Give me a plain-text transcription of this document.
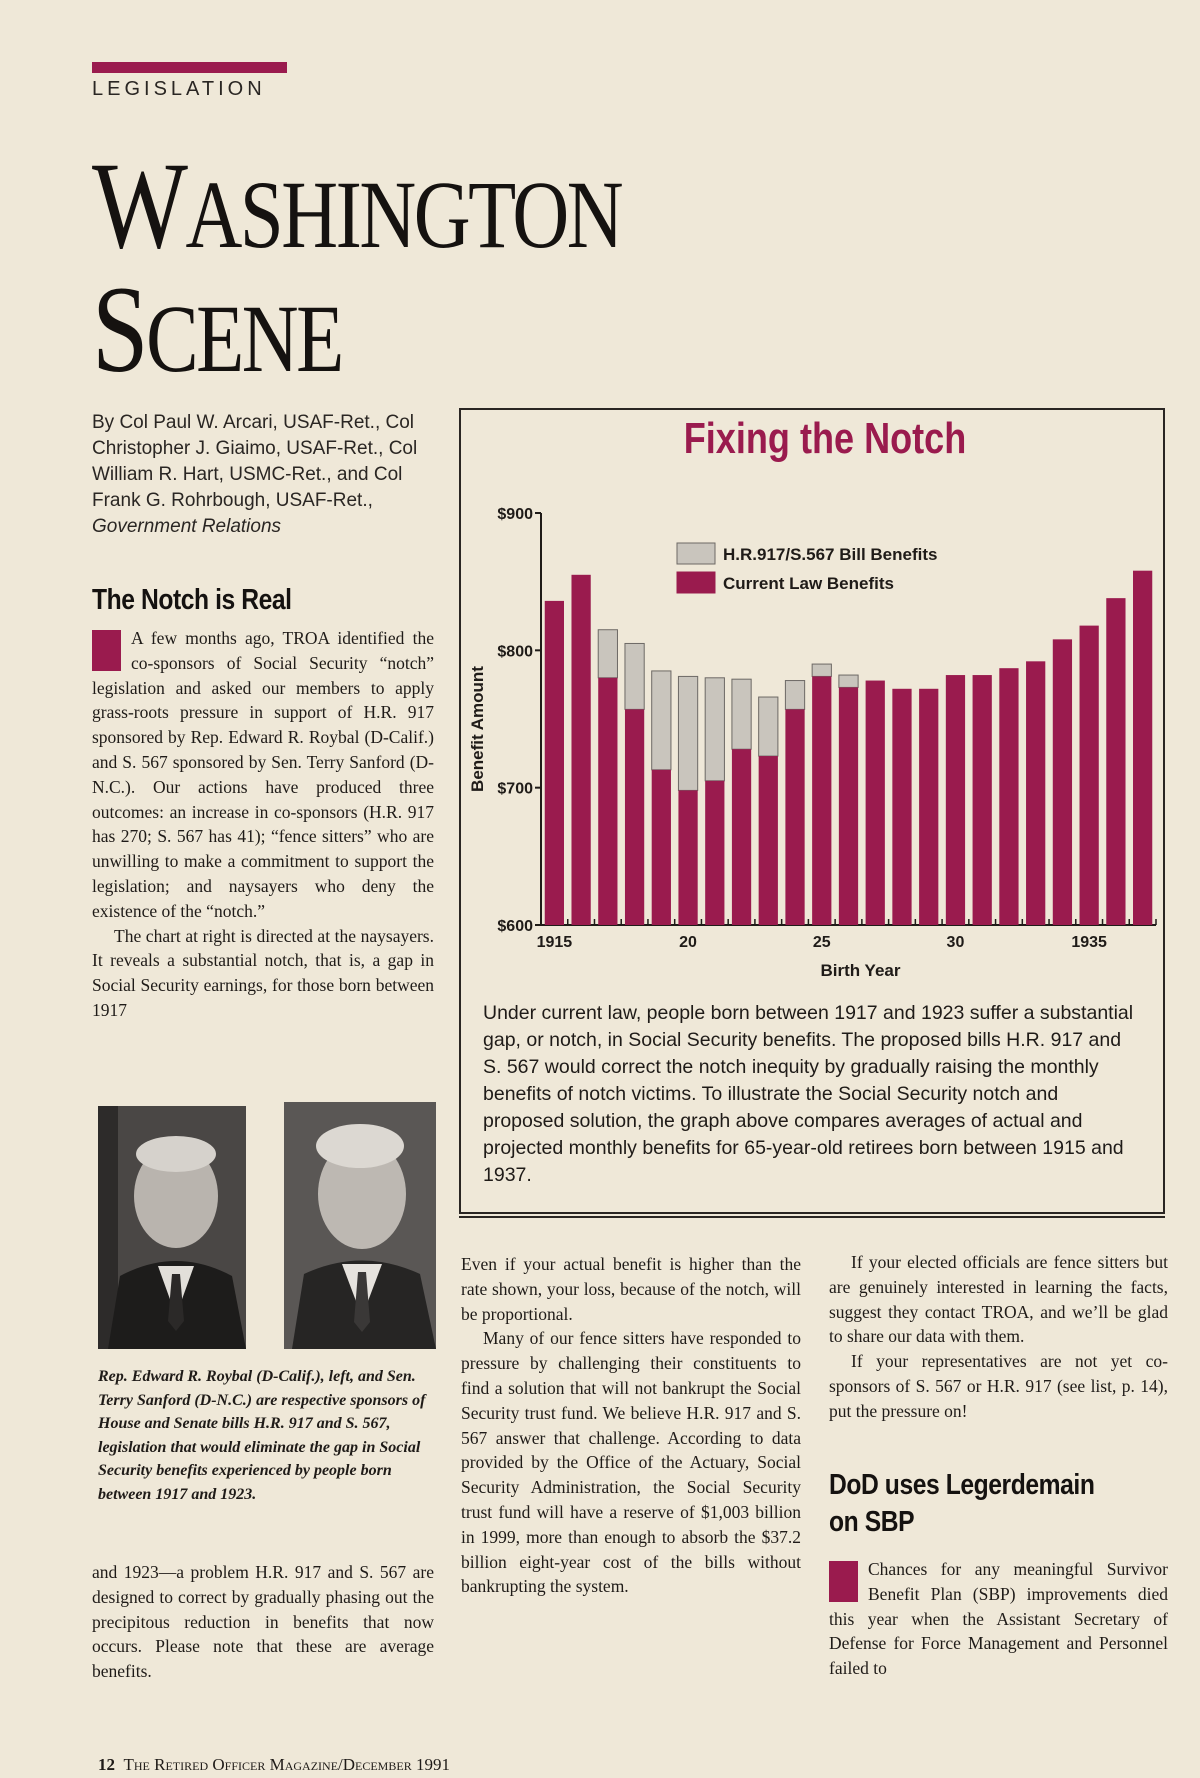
LEGISLATION
WASHINGTON
SCENE
By Col Paul W. Arcari, USAF-Ret., Col Christopher J. Giaimo, USAF-Ret., Col William R. Hart, USMC-Ret., and Col Frank G. Rohrbough, USAF-Ret., Government Relations
The Notch is Real

A few months ago, TROA identified the co-sponsors of Social Security “notch” legislation and asked our members to apply grass-roots pressure in support of H.R. 917 sponsored by Rep. Edward R. Roybal (D-Calif.) and S. 567 sponsored by Sen. Terry Sanford (D-N.C.). Our actions have produced three outcomes: an increase in co-sponsors (H.R. 917 has 270; S. 567 has 41); “fence sitters” who are unwilling to make a commitment to support the legislation; and naysayers who deny the existence of the “notch.”

The chart at right is directed at the naysayers. It reveals a substantial notch, that is, a gap in Social Security earnings, for those born between 1917

Rep. Edward R. Roybal (D-Calif.), left, and Sen. Terry Sanford (D-N.C.) are respective sponsors of House and Senate bills H.R. 917 and S. 567, legislation that would eliminate the gap in Social Security benefits experienced by people born between 1917 and 1923.

and 1923—a problem H.R. 917 and S. 567 are designed to correct by gradually phasing out the precipitous reduction in benefits that now occurs. Please note that these are average benefits.

Fixing the Notch
$900
$800
$700
$600
Benefit Amount
1915	20	25	30	1935
Birth Year
H.R.917/S.567 Bill Benefits
Current Law Benefits
Under current law, people born between 1917 and 1923 suffer a substantial gap, or notch, in Social Security benefits. The proposed bills H.R. 917 and S. 567 would correct the notch inequity by gradually raising the monthly benefits of notch victims. To illustrate the Social Security notch and proposed solution, the graph above compares averages of actual and projected monthly benefits for 65-year-old retirees born between 1915 and 1937.

Even if your actual benefit is higher than the rate shown, your loss, because of the notch, will be proportional.

Many of our fence sitters have responded to pressure by challenging their constituents to find a solution that will not bankrupt the Social Security trust fund. We believe H.R. 917 and S. 567 answer that challenge. According to data provided by the Office of the Actuary, Social Security Administration, the Social Security trust fund will have a reserve of $1,003 billion in 1999, more than enough to absorb the $37.2 billion eight-year cost of the bills without bankrupting the system.

If your elected officials are fence sitters but are genuinely interested in learning the facts, suggest they contact TROA, and we’ll be glad to share our data with them.

If your representatives are not yet co-sponsors of S. 567 or H.R. 917 (see list, p. 14), put the pressure on!

DoD uses Legerdemain on SBP

Chances for any meaningful Survivor Benefit Plan (SBP) improvements died this year when the Assistant Secretary of Defense for Force Management and Personnel failed to

12 The Retired Officer Magazine/December 1991
